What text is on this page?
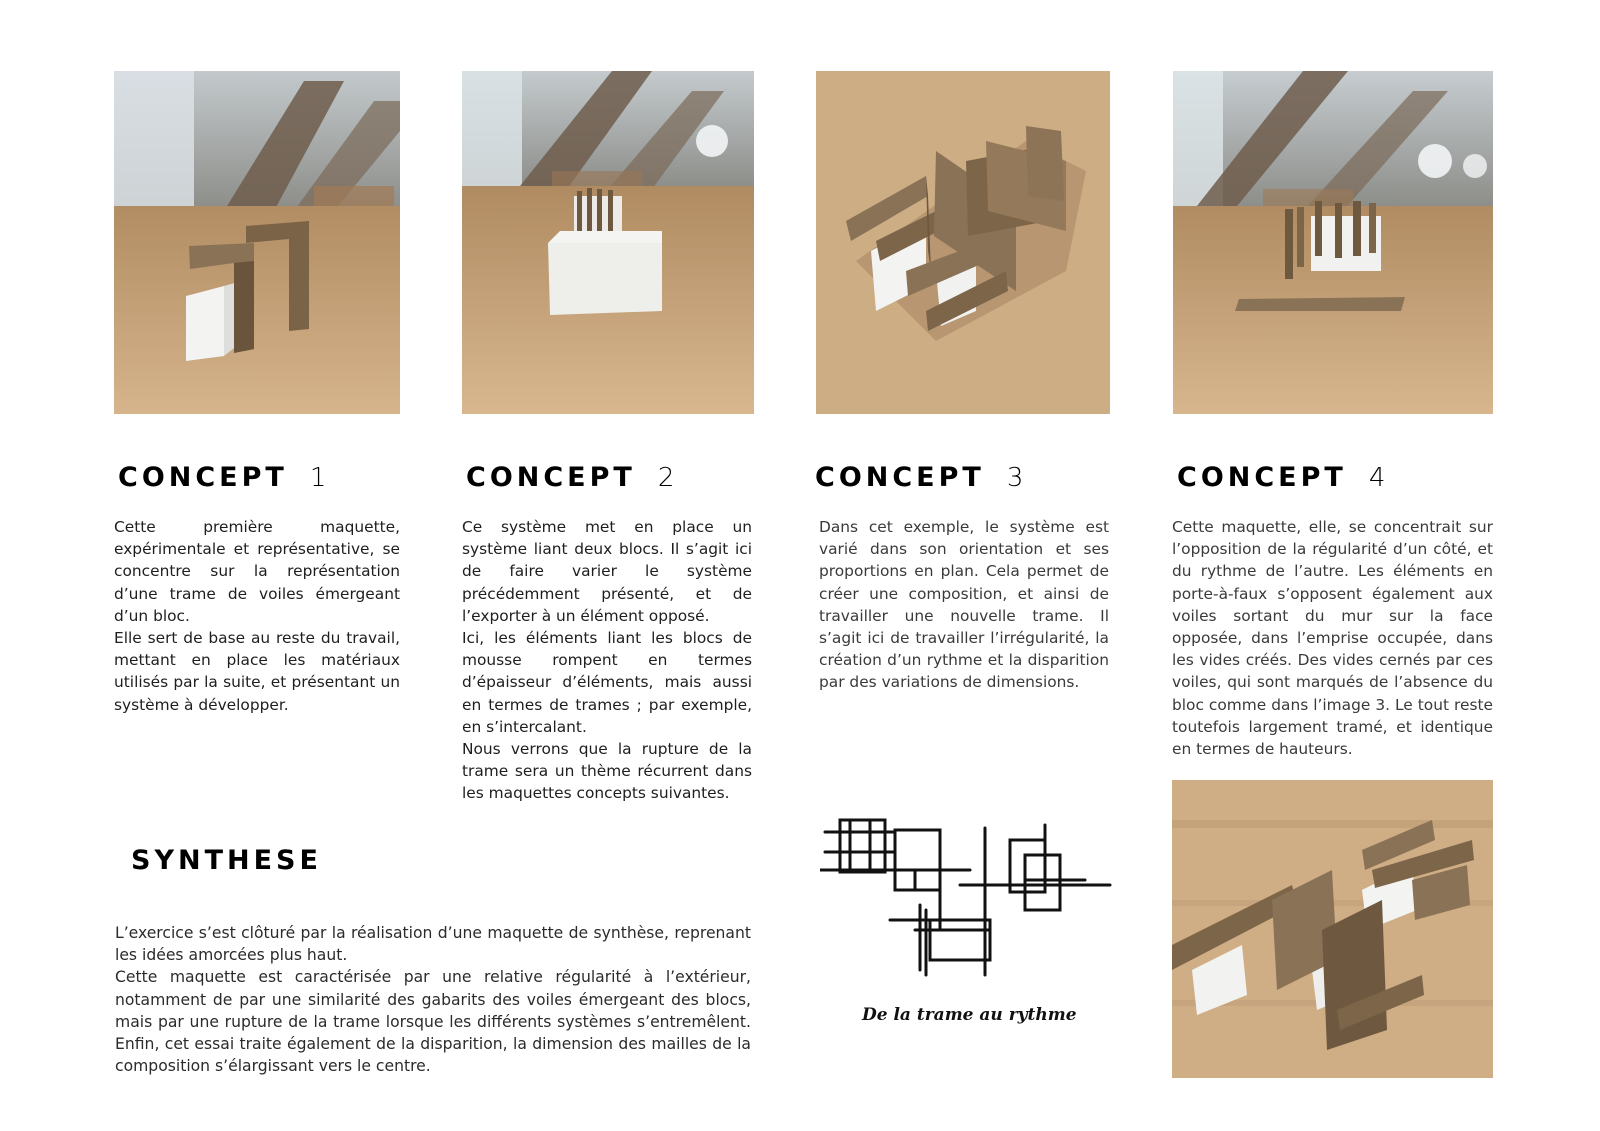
CONCEPT 1	CONCEPT 2	CONCEPT 3	CONCEPT 4

Cette première maquette, expérimentale et représentative, se concentre sur la représentation d’une trame de voiles émergeant d’un bloc.

Elle sert de base au reste du travail, mettant en place les matériaux utilisés par la suite, et présentant un système à développer.

Ce système met en place un système liant deux blocs. Il s’agit ici de faire varier le système précédemment présenté, et de l’exporter à un élément opposé.

Ici, les éléments liant les blocs de mousse rompent en termes d’épaisseur d’éléments, mais aussi en termes de trames ; par exemple, en s’intercalant.

Nous verrons que la rupture de la trame sera un thème récurrent dans les maquettes concepts suivantes.

Dans cet exemple, le système est varié dans son orientation et ses proportions en plan. Cela permet de créer une composition, et ainsi de travailler une nouvelle trame. Il s’agit ici de travailler l’irrégularité, la création d’un rythme et la disparition par des variations de dimensions.

Cette maquette, elle, se concentrait sur l’opposition de la régularité d’un côté, et du rythme de l’autre. Les éléments en porte-à-faux s’opposent également aux voiles sortant du mur sur la face opposée, dans l’emprise occupée, dans les vides créés. Des vides cernés par ces voiles, qui sont marqués de l’absence du bloc comme dans l’image 3. Le tout reste toutefois largement tramé, et identique en termes de hauteurs.

SYNTHESE

L’exercice s’est clôturé par la réalisation d’une maquette de synthèse, reprenant les idées amorcées plus haut.

Cette maquette est caractérisée par une relative régularité à l’extérieur, notamment de par une similarité des gabarits des voiles émergeant des blocs, mais par une rupture de la trame lorsque les différents systèmes s’entremêlent. Enfin, cet essai traite également de la disparition, la dimension des mailles de la composition s’élargissant vers le centre.

De la trame au rythme
